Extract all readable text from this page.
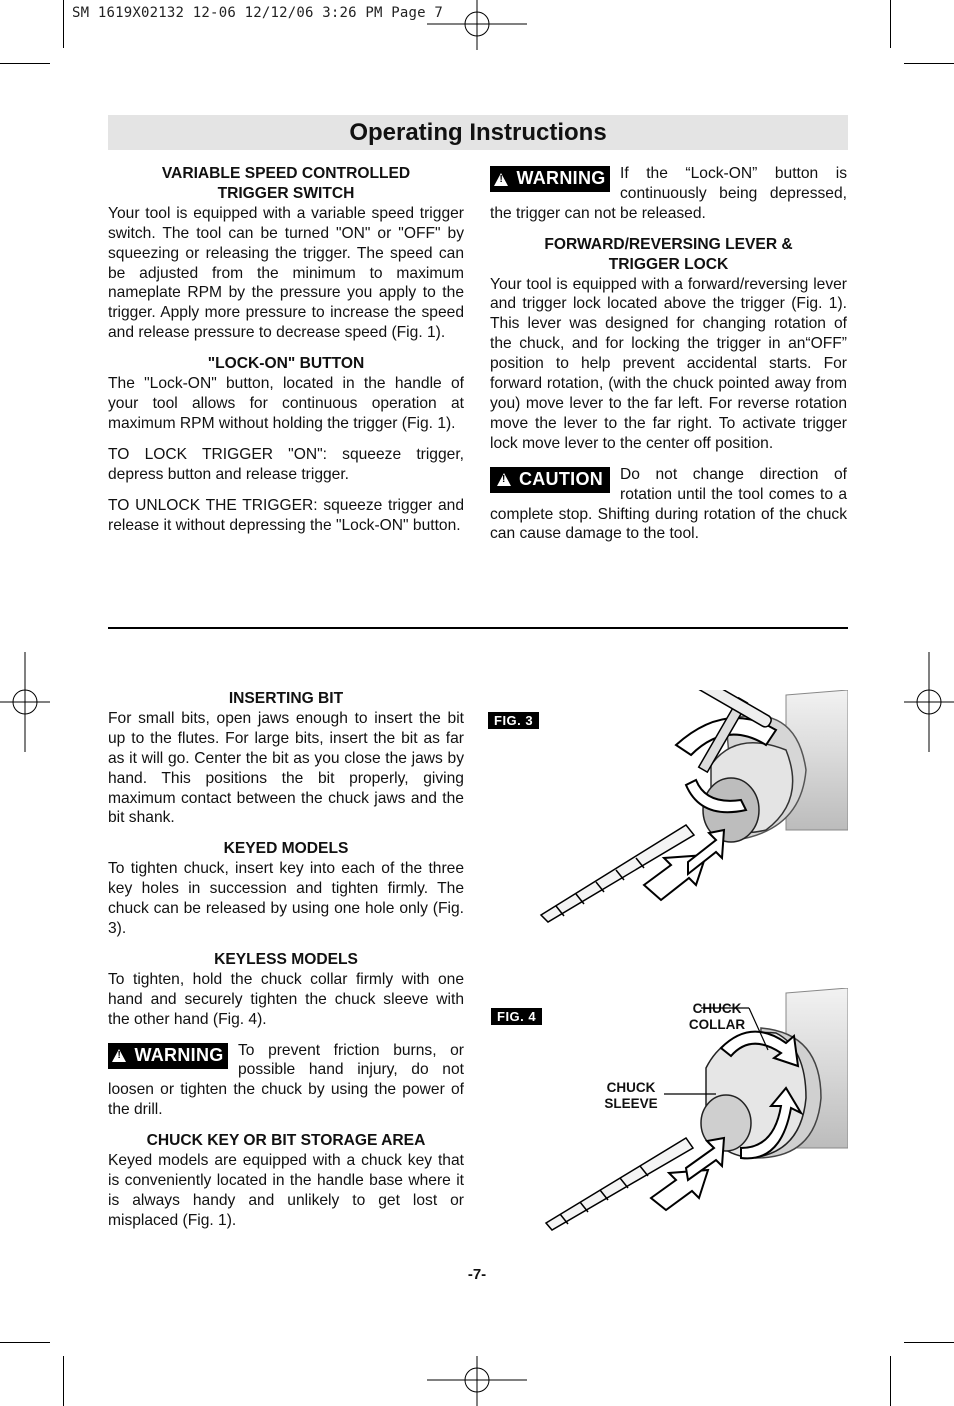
SM 1619X02132 12-06 12/12/06 3:26 PM Page 7
Operating Instructions
VARIABLE SPEED CONTROLLED
TRIGGER SWITCH

Your tool is equipped with a variable speed trigger switch. The tool can be turned "ON" or "OFF" by squeezing or releasing the trigger. The speed can be adjusted from the minimum to maximum nameplate RPM by the pressure you apply to the trigger. Apply more pressure to increase the speed and release pressure to decrease speed (Fig. 1).

"LOCK-ON" BUTTON

The "Lock-ON" button, located in the handle of your tool allows for continuous operation at maximum RPM without holding the trigger (Fig. 1).

TO LOCK TRIGGER "ON": squeeze trigger, depress button and release trigger.

TO UNLOCK THE TRIGGER: squeeze trigger and release it without depressing the "Lock-ON" button.

!
WARNING If the “Lock-ON” button is continuously being depressed, the trigger can not be released.

FORWARD/REVERSING LEVER &
TRIGGER LOCK

Your tool is equipped with a forward/reversing lever and trigger lock located above the trigger (Fig. 1). This lever was designed for changing rotation of the chuck, and for locking the trigger in an“OFF” position to help prevent accidental starts. For forward rotation, (with the chuck pointed away from you) move lever to the far left. For reverse rotation move the lever to the far right. To activate trigger lock move lever to the center off position.

!
CAUTION Do not change direction of rotation until the tool comes to a complete stop. Shifting during rotation of the chuck can cause damage to the tool.

INSERTING BIT

For small bits, open jaws enough to insert the bit up to the flutes. For large bits, insert the bit as far as it will go. Center the bit as you close the jaws by hand. This positions the bit properly, giving maximum contact between the chuck jaws and the bit shank.

KEYED MODELS

To tighten chuck, insert key into each of the three key holes in succession and tighten firmly. The chuck can be released by using one hole only (Fig. 3).

KEYLESS MODELS

To tighten, hold the chuck collar firmly with one hand and securely tighten the chuck sleeve with the other hand (Fig. 4).

!
WARNING To prevent friction burns, or possible hand injury, do not loosen or tighten the chuck by using the power of the drill.

CHUCK KEY OR BIT STORAGE AREA

Keyed models are equipped with a chuck key that is conveniently located in the handle base where it is always handy and unlikely to get lost or misplaced (Fig. 1).

FIG. 3
FIG. 4
CHUCK
COLLAR
CHUCK
SLEEVE
-7-
